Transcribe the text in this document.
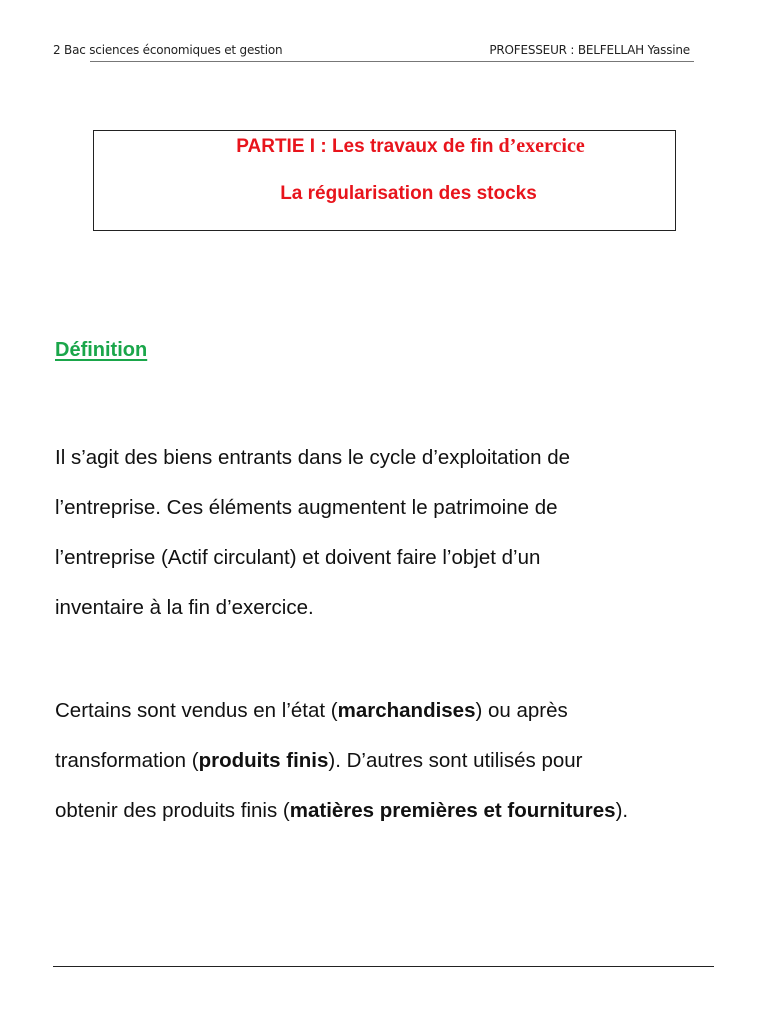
2 Bac sciences économiques et gestion	PROFESSEUR : BELFELLAH Yassine
PARTIE I : Les travaux de fin d’exercice
La régularisation des stocks
Définition

Il s’agit des biens entrants dans le cycle d’exploitation de

l’entreprise. Ces éléments augmentent le patrimoine de

l’entreprise (Actif circulant) et doivent faire l’objet d’un

inventaire à la fin d’exercice.

Certains sont vendus en l’état (marchandises) ou après

transformation (produits finis). D’autres sont utilisés pour

obtenir des produits finis (matières premières et fournitures).
